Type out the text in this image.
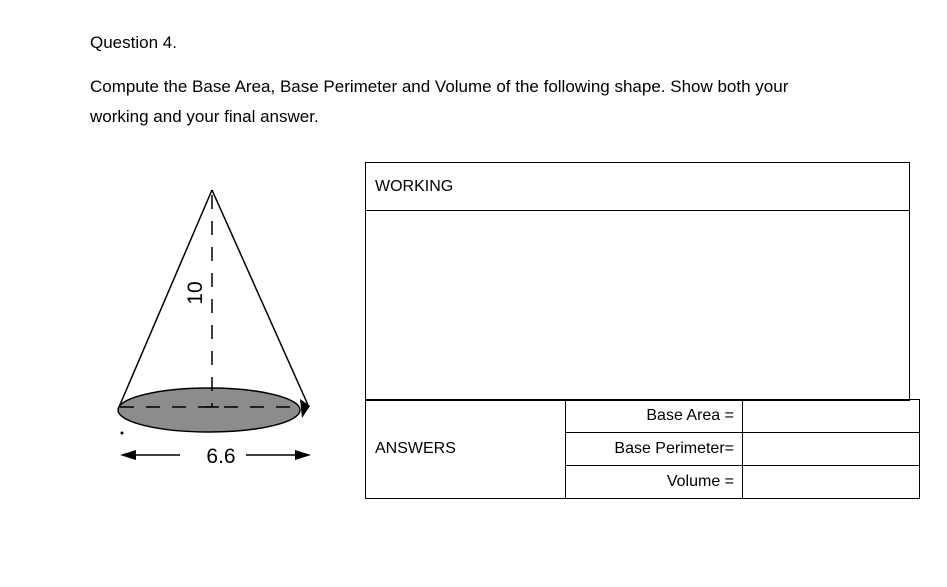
Question 4.
Compute the Base Area, Base Perimeter and Volume of the following shape. Show both your
working and your final answer.
10
6.6
WORKING
ANSWERS	Base Area =	
	Base Perimeter=	
	Volume =	
